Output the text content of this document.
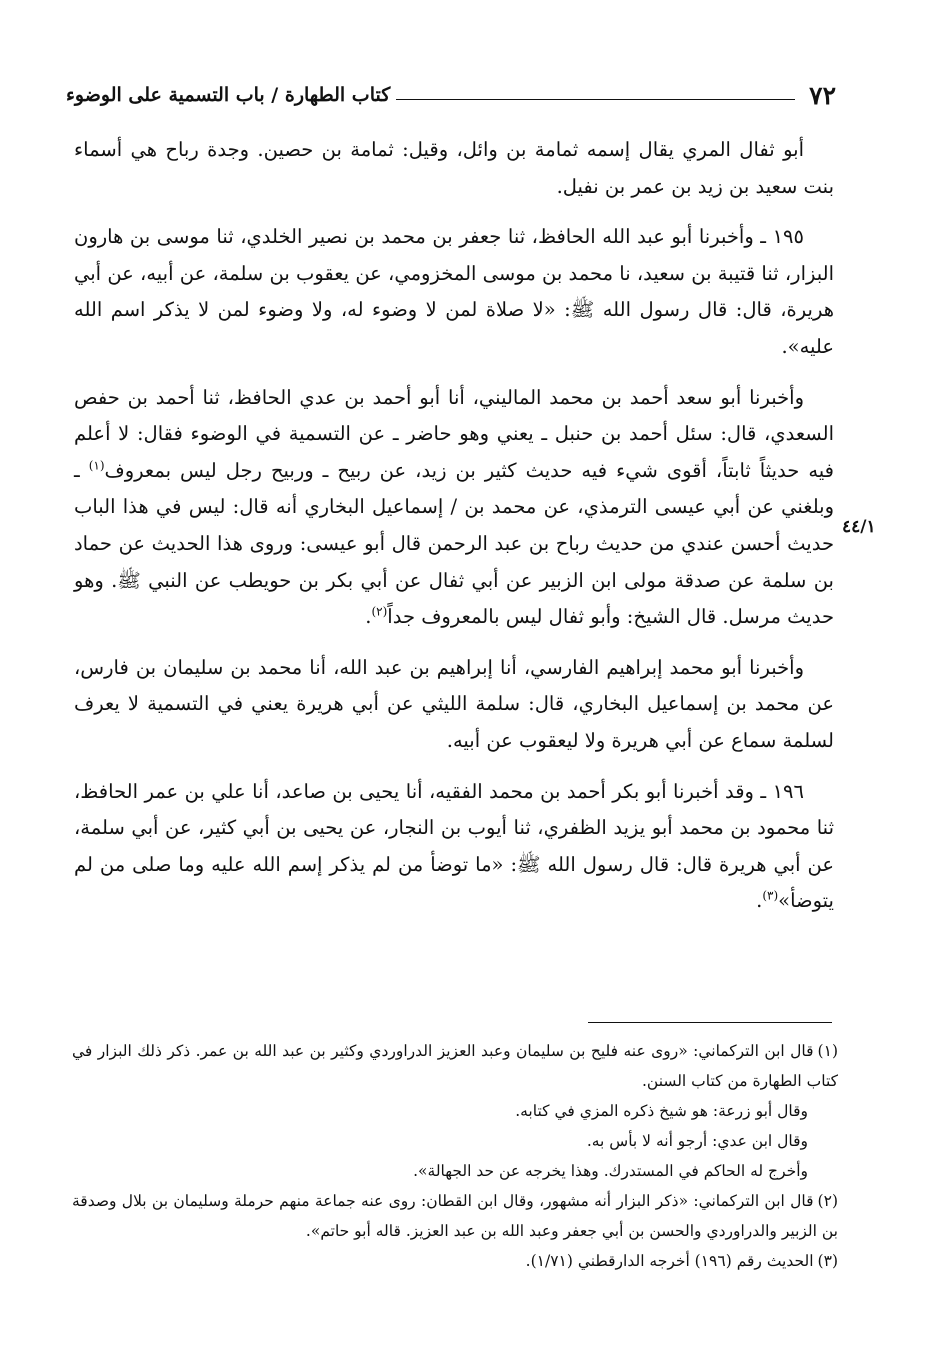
٧٢
كتاب الطهارة / باب التسمية على الوضوء
٤٤/١

أبو ثفال المري يقال إسمه ثمامة بن وائل، وقيل: ثمامة بن حصين. وجدة رباح هي أسماء بنت سعيد بن زيد بن عمر بن نفيل.

١٩٥ ـ وأخبرنا أبو عبد الله الحافظ، ثنا جعفر بن محمد بن نصير الخلدي، ثنا موسى بن هارون البزار، ثنا قتيبة بن سعيد، نا محمد بن موسى المخزومي، عن يعقوب بن سلمة، عن أبيه، عن أبي هريرة، قال: قال رسول الله ﷺ: «لا صلاة لمن لا وضوء له، ولا وضوء لمن لا يذكر اسم الله عليه».

وأخبرنا أبو سعد أحمد بن محمد الماليني، أنا أبو أحمد بن عدي الحافظ، ثنا أحمد بن حفص السعدي، قال: سئل أحمد بن حنبل ـ يعني وهو حاضر ـ عن التسمية في الوضوء فقال: لا أعلم فيه حديثاً ثابتاً، أقوى شيء فيه حديث كثير بن زيد، عن ربيح ـ وربيح رجل ليس بمعروف$^{(١)}$ ـ وبلغني عن أبي عيسى الترمذي، عن محمد بن / إسماعيل البخاري أنه قال: ليس في هذا الباب حديث أحسن عندي من حديث رباح بن عبد الرحمن قال أبو عيسى: وروى هذا الحديث عن حماد بن سلمة عن صدقة مولى ابن الزبير عن أبي ثفال عن أبي بكر بن حويطب عن النبي ﷺ. وهو حديث مرسل. قال الشيخ: وأبو ثفال ليس بالمعروف جداً$^{(٢)}$.

وأخبرنا أبو محمد إبراهيم الفارسي، أنا إبراهيم بن عبد الله، أنا محمد بن سليمان بن فارس، عن محمد بن إسماعيل البخاري، قال: سلمة الليثي عن أبي هريرة يعني في التسمية لا يعرف لسلمة سماع عن أبي هريرة ولا ليعقوب عن أبيه.

١٩٦ ـ وقد أخبرنا أبو بكر أحمد بن محمد الفقيه، أنا يحيى بن صاعد، أنا علي بن عمر الحافظ، ثنا محمود بن محمد أبو يزيد الظفري، ثنا أيوب بن النجار، عن يحيى بن أبي كثير، عن أبي سلمة، عن أبي هريرة قال: قال رسول الله ﷺ: «ما توضأ من لم يذكر إسم الله عليه وما صلى من لم يتوضأ»$^{(٣)}$.

(١)قال ابن التركماني: «روى عنه فليح بن سليمان وعبد العزيز الدراوردي وكثير بن عبد الله بن عمر. ذكر ذلك البزار في كتاب الطهارة من كتاب السنن.

وقال أبو زرعة: هو شيخ ذكره المزي في كتابه.

وقال ابن عدي: أرجو أنه لا بأس به.

وأخرج له الحاكم في المستدرك. وهذا يخرجه عن حد الجهالة».

(٢)قال ابن التركماني: «ذكر البزار أنه مشهور، وقال ابن القطان: روى عنه جماعة منهم حرملة وسليمان بن بلال وصدقة بن الزبير والدراوردي والحسن بن أبي جعفر وعبد الله بن عبد العزيز. قاله أبو حاتم».

(٣)الحديث رقم (١٩٦) أخرجه الدارقطني (١/٧١).
